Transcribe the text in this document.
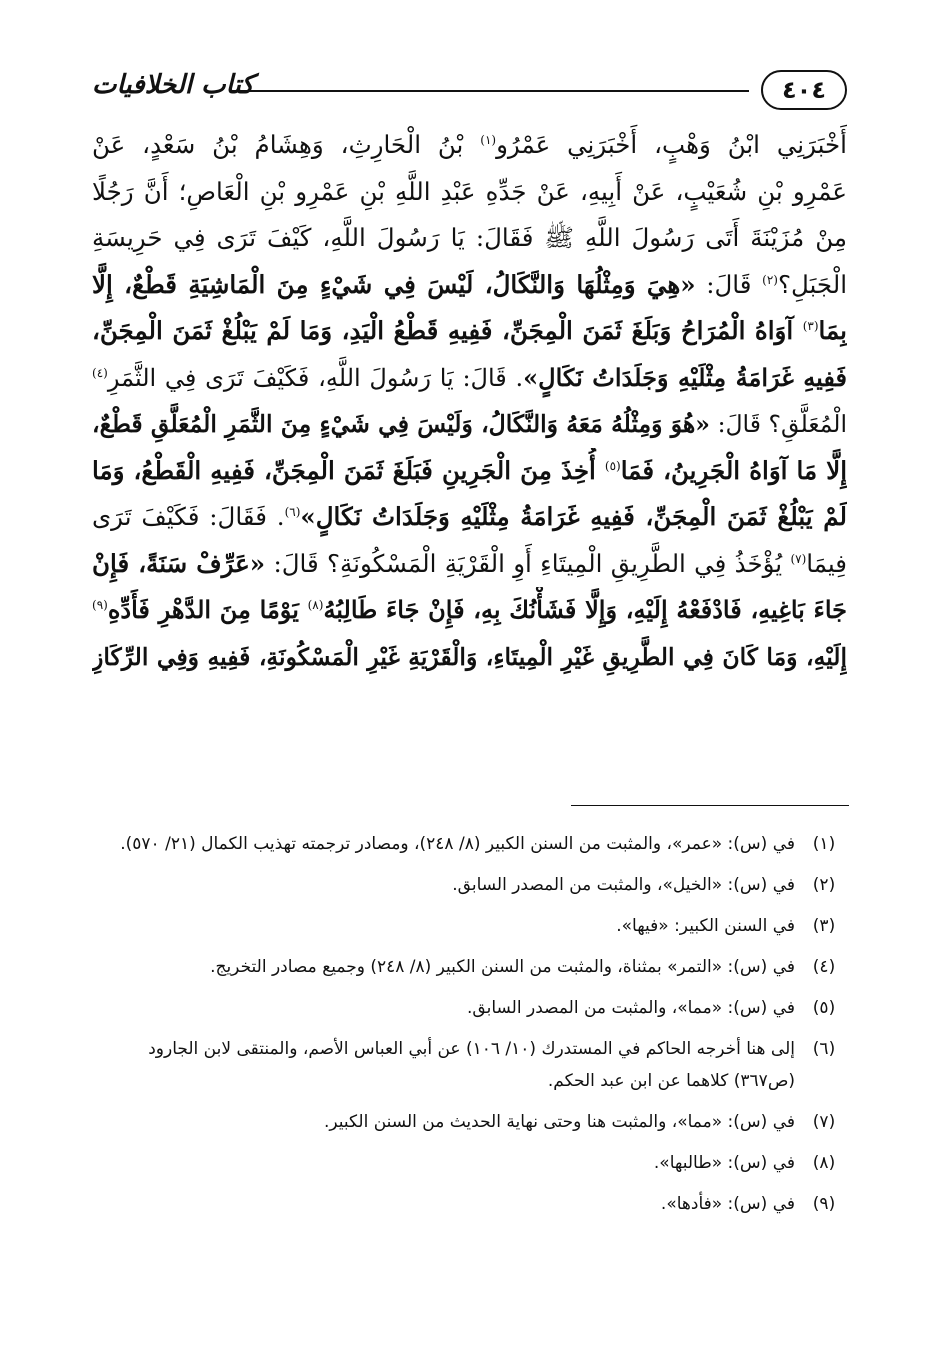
٤٠٤
كتاب الخلافيات
أَخْبَرَنِي ابْنُ وَهْبٍ، أَخْبَرَنِي عَمْرُو$^{(١)}$ بْنُ الْحَارِثِ، وَهِشَامُ بْنُ سَعْدٍ، عَنْ
عَمْرِو بْنِ شُعَيْبٍ، عَنْ أَبِيهِ، عَنْ جَدِّهِ عَبْدِ اللَّهِ بْنِ عَمْرِو بْنِ الْعَاصِ؛ أَنَّ رَجُلًا
مِنْ مُزَيْنَةَ أَتَى رَسُولَ اللَّهِ ﷺ فَقَالَ: يَا رَسُولَ اللَّهِ، كَيْفَ تَرَى فِي حَرِيسَةِ
الْجَبَلِ؟$^{(٢)}$ قَالَ: «هِيَ وَمِثْلُهَا وَالنَّكَالُ، لَيْسَ فِي شَيْءٍ مِنَ الْمَاشِيَةِ قَطْعٌ، إِلَّا
بِمَا$^{(٣)}$ آوَاهُ الْمُرَاحُ وَبَلَغَ ثَمَنَ الْمِجَنِّ، فَفِيهِ قَطْعُ الْيَدِ، وَمَا لَمْ يَبْلُغْ ثَمَنَ الْمِجَنِّ،
فَفِيهِ غَرَامَةُ مِثْلَيْهِ وَجَلَدَاتُ نَكَالٍ». قَالَ: يَا رَسُولَ اللَّهِ، فَكَيْفَ تَرَى فِي الثَّمَرِ$^{(٤)}$
الْمُعَلَّقِ؟ قَالَ: «هُوَ وَمِثْلُهُ مَعَهُ وَالنَّكَالُ، وَلَيْسَ فِي شَيْءٍ مِنَ الثَّمَرِ الْمُعَلَّقِ قَطْعٌ،
إِلَّا مَا آوَاهُ الْجَرِينُ، فَمَا$^{(٥)}$ أُخِذَ مِنَ الْجَرِينِ فَبَلَغَ ثَمَنَ الْمِجَنِّ، فَفِيهِ الْقَطْعُ، وَمَا
لَمْ يَبْلُغْ ثَمَنَ الْمِجَنِّ، فَفِيهِ غَرَامَةُ مِثْلَيْهِ وَجَلَدَاتُ نَكَالٍ»$^{(٦)}$. فَقَالَ: فَكَيْفَ تَرَى
فِيمَا$^{(٧)}$ يُؤْخَذُ فِي الطَّرِيقِ الْمِيتَاءِ أَوِ الْقَرْيَةِ الْمَسْكُونَةِ؟ قَالَ: «عَرِّفْ سَنَةً، فَإِنْ
جَاءَ بَاغِيهِ، فَادْفَعْهُ إِلَيْهِ، وَإِلَّا فَشَأْنُكَ بِهِ، فَإِنْ جَاءَ طَالِبُهُ$^{(٨)}$ يَوْمًا مِنَ الدَّهْرِ فَأَدِّهِ$^{(٩)}$
إِلَيْهِ، وَمَا كَانَ فِي الطَّرِيقِ غَيْرِ الْمِيتَاءِ، وَالْقَرْيَةِ غَيْرِ الْمَسْكُونَةِ، فَفِيهِ وَفِي الرِّكَازِ
(١)
في (س): «عمر»، والمثبت من السنن الكبير (٨/ ٢٤٨)، ومصادر ترجمته تهذيب الكمال (٢١/ ٥٧٠).
(٢)
في (س): «الخيل»، والمثبت من المصدر السابق.
(٣)
في السنن الكبير: «فيها».
(٤)
في (س): «التمر» بمثناة، والمثبت من السنن الكبير (٨/ ٢٤٨) وجميع مصادر التخريج.
(٥)
في (س): «مما»، والمثبت من المصدر السابق.
(٦)
إلى هنا أخرجه الحاكم في المستدرك (١٠/ ١٠٦) عن أبي العباس الأصم، والمنتقى لابن الجارود (ص٣٦٧) كلاهما عن ابن عبد الحكم.
(٧)
في (س): «مما»، والمثبت هنا وحتى نهاية الحديث من السنن الكبير.
(٨)
في (س): «طالبها».
(٩)
في (س): «فأدها».
